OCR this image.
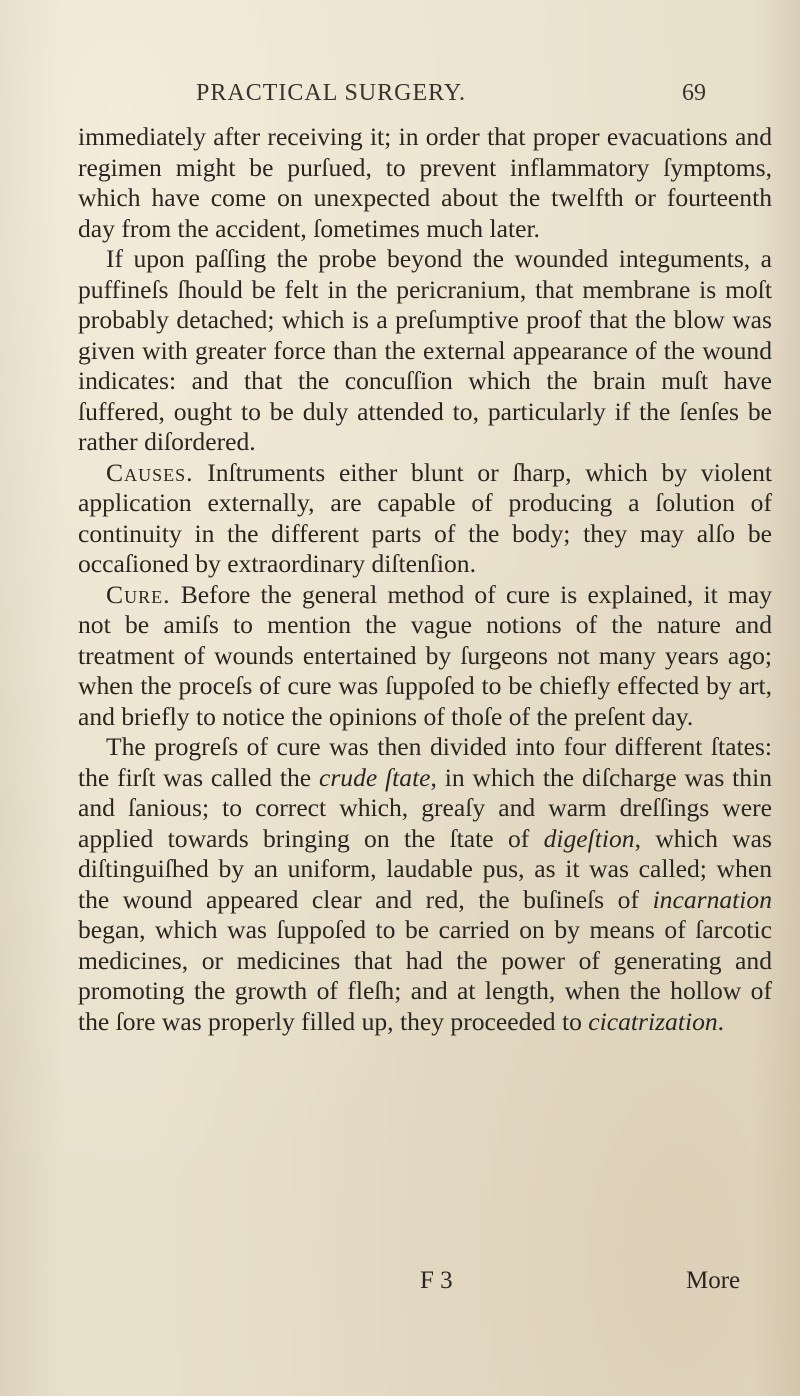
PRACTICAL SURGERY.	69

immediately after receiving it; in order that proper evacuations and regimen might be purſued, to prevent inflammatory ſymptoms, which have come on unexpected about the twelfth or fourteenth day from the accident, ſometimes much later.

If upon paſſing the probe beyond the wounded integuments, a puffineſs ſhould be felt in the pericranium, that membrane is moſt probably detached; which is a preſumptive proof that the blow was given with greater force than the external appearance of the wound indicates: and that the concuſſion which the brain muſt have ſuffered, ought to be duly attended to, particularly if the ſenſes be rather diſordered.

Causes. Inſtruments either blunt or ſharp, which by violent application externally, are capable of producing a ſolution of continuity in the different parts of the body; they may alſo be occaſioned by extraordinary diſtenſion.

Cure. Before the general method of cure is explained, it may not be amiſs to mention the vague notions of the nature and treatment of wounds entertained by ſurgeons not many years ago; when the proceſs of cure was ſuppoſed to be chiefly effected by art, and briefly to notice the opinions of thoſe of the preſent day.

The progreſs of cure was then divided into four different ſtates: the firſt was called the crude ſtate, in which the diſcharge was thin and ſanious; to correct which, greaſy and warm dreſſings were applied towards bringing on the ſtate of digeſtion, which was diſtinguiſhed by an uniform, laudable pus, as it was called; when the wound appeared clear and red, the buſineſs of incarnation began, which was ſuppoſed to be carried on by means of ſarcotic medicines, or medicines that had the power of generating and promoting the growth of fleſh; and at length, when the hollow of the ſore was properly filled up, they proceeded to cicatrization.

F 3	More
